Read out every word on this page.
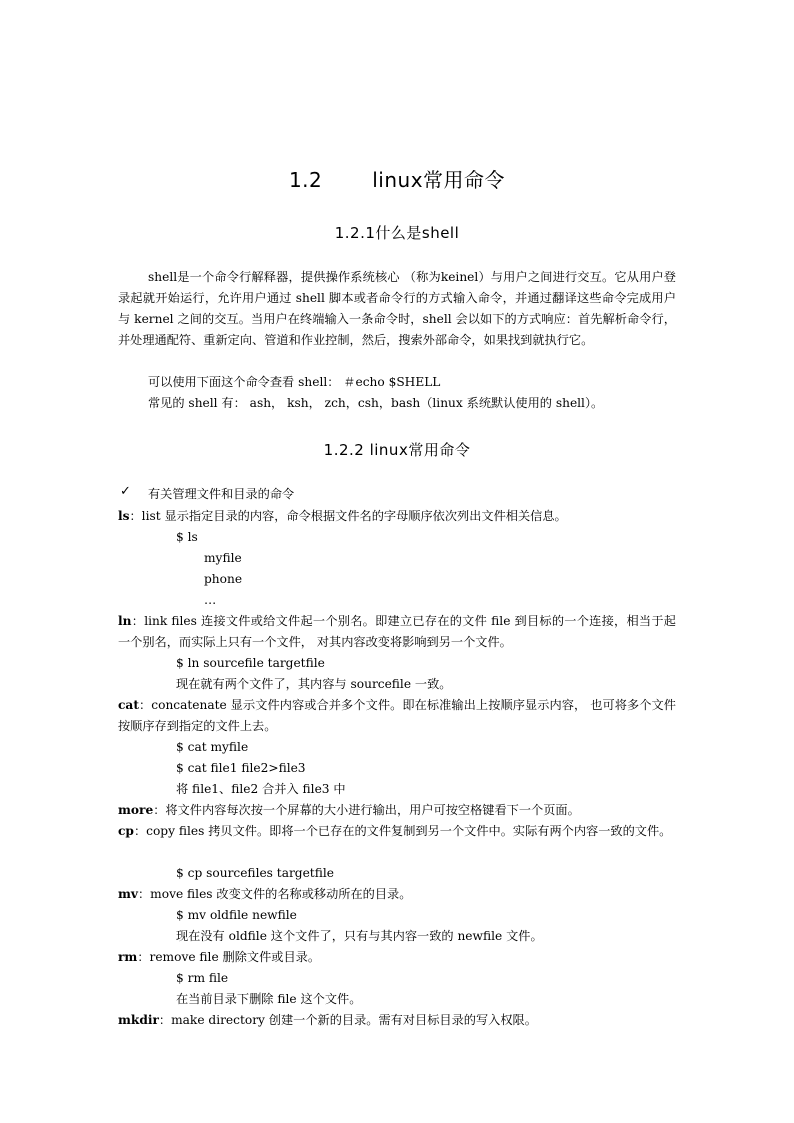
1.2	linux常用命令
1.2.1什么是shell

shell是一个命令行解释器，提供操作系统核心 （称为keinel）与用户之间进行交互。它从用户登录起就开始运行，允许用户通过 shell 脚本或者命令行的方式输入命令，并通过翻译这些命令完成用户与 kernel 之间的交互。当用户在终端输入一条命令时，shell 会以如下的方式响应：首先解析命令行，并处理通配符、重新定向、管道和作业控制，然后，搜索外部命令，如果找到就执行它。

可以使用下面这个命令查看 shell： ＃echo $SHELL

常见的 shell 有： ash， ksh， zch，csh，bash（linux 系统默认使用的 shell）。

1.2.2 linux常用命令
✓ 有关管理文件和目录的命令

ls：list 显示指定目录的内容，命令根据文件名的字母顺序依次列出文件相关信息。

$ ls

myfile

phone

…

ln：link files 连接文件或给文件起一个别名。即建立已存在的文件 file 到目标的一个连接，相当于起一个别名，而实际上只有一个文件， 对其内容改变将影响到另一个文件。

$ ln sourcefile targetfile

现在就有两个文件了，其内容与 sourcefile 一致。

cat：concatenate 显示文件内容或合并多个文件。即在标准输出上按顺序显示内容， 也可将多个文件按顺序存到指定的文件上去。

$ cat myfile

$ cat file1 file2>file3

将 file1、file2 合并入 file3 中

more：将文件内容每次按一个屏幕的大小进行输出，用户可按空格键看下一个页面。

cp：copy files 拷贝文件。即将一个已存在的文件复制到另一个文件中。实际有两个内容一致的文件。

$ cp sourcefiles targetfile

mv：move files 改变文件的名称或移动所在的目录。

$ mv oldfile newfile

现在没有 oldfile 这个文件了，只有与其内容一致的 newfile 文件。

rm：remove file 删除文件或目录。

$ rm file

在当前目录下删除 file 这个文件。

mkdir：make directory 创建一个新的目录。需有对目标目录的写入权限。
